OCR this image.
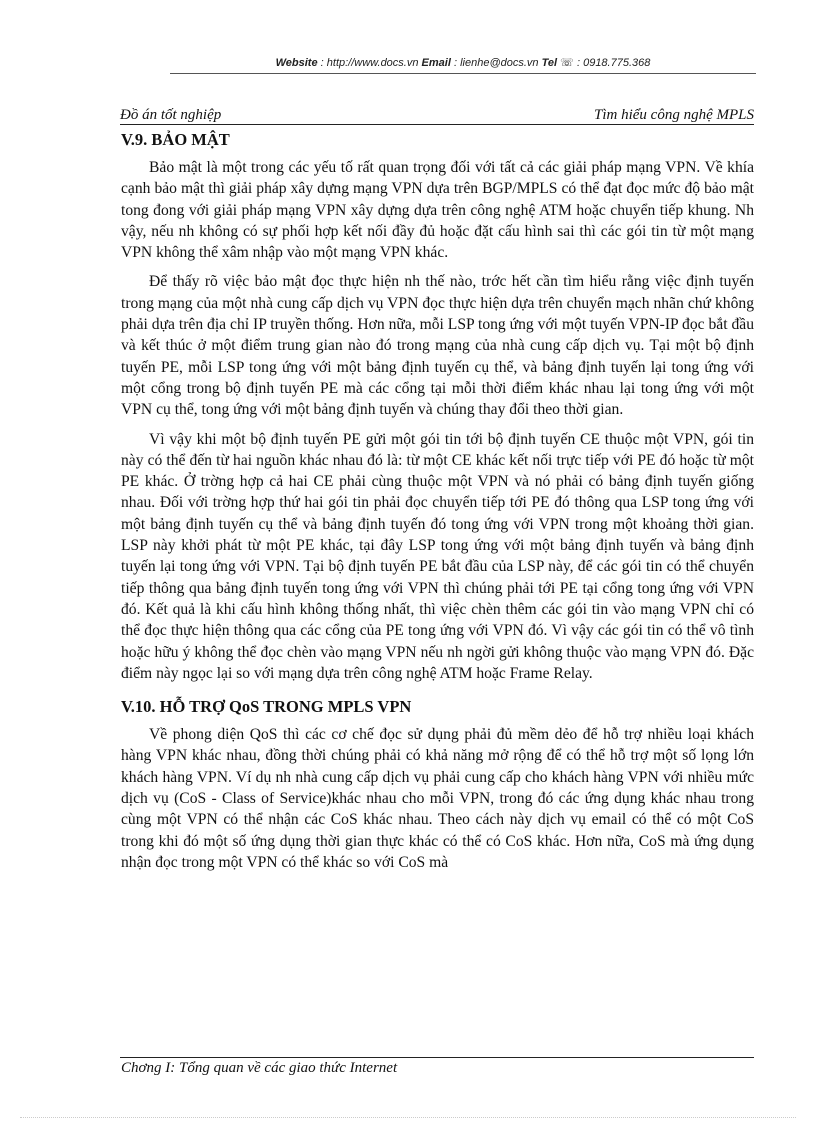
Website : http://www.docs.vn Email : lienhe@docs.vn Tel ☏ : 0918.775.368
Đồ án tốt nghiệp	Tìm hiểu công nghệ MPLS
V.9. BẢO MẬT

Bảo mật là một trong các yếu tố rất quan trọng đối với tất cả các giải pháp mạng VPN. Về khía cạnh bảo mật thì giải pháp xây dựng mạng VPN dựa trên BGP/MPLS có thể đạt đọc mức độ bảo mật tong đong với giải pháp mạng VPN xây dựng dựa trên công nghệ ATM hoặc chuyển tiếp khung. Nh vậy, nếu nh không có sự phối hợp kết nối đầy đủ hoặc đặt cấu hình sai thì các gói tin từ một mạng VPN không thể xâm nhập vào một mạng VPN khác.

Để thấy rõ việc bảo mật đọc thực hiện nh thế nào, trớc hết cần tìm hiểu rằng việc định tuyến trong mạng của một nhà cung cấp dịch vụ VPN đọc thực hiện dựa trên chuyển mạch nhãn chứ không phải dựa trên địa chỉ IP truyền thống. Hơn nữa, mỗi LSP tong ứng với một tuyến VPN-IP đọc bắt đầu và kết thúc ở một điểm trung gian nào đó trong mạng của nhà cung cấp dịch vụ. Tại một bộ định tuyến PE, mỗi LSP tong ứng với một bảng định tuyến cụ thể, và bảng định tuyến lại tong ứng với một cổng trong bộ định tuyến PE mà các cổng tại mỗi thời điểm khác nhau lại tong ứng với một VPN cụ thể, tong ứng với một bảng định tuyến và chúng thay đổi theo thời gian.

Vì vậy khi một bộ định tuyến PE gửi một gói tin tới bộ định tuyến CE thuộc một VPN, gói tin này có thể đến từ hai nguồn khác nhau đó là: từ một CE khác kết nối trực tiếp với PE đó hoặc từ một PE khác. Ở trờng hợp cả hai CE phải cùng thuộc một VPN và nó phải có bảng định tuyến giống nhau. Đối với trờng hợp thứ hai gói tin phải đọc chuyển tiếp tới PE đó thông qua LSP tong ứng với một bảng định tuyến cụ thể và bảng định tuyến đó tong ứng với VPN trong một khoảng thời gian. LSP này khởi phát từ một PE khác, tại đây LSP tong ứng với một bảng định tuyến và bảng định tuyến lại tong ứng với VPN. Tại bộ định tuyến PE bắt đầu của LSP này, để các gói tin có thể chuyển tiếp thông qua bảng định tuyến tong ứng với VPN thì chúng phải tới PE tại cổng tong ứng với VPN đó. Kết quả là khi cấu hình không thống nhất, thì việc chèn thêm các gói tin vào mạng VPN chỉ có thể đọc thực hiện thông qua các cổng của PE tong ứng với VPN đó. Vì vậy các gói tin có thể vô tình hoặc hữu ý không thể đọc chèn vào mạng VPN nếu nh ngời gửi không thuộc vào mạng VPN đó. Đặc điểm này ngọc lại so với mạng dựa trên công nghệ ATM hoặc Frame Relay.

V.10. HỖ TRỢ QoS TRONG MPLS VPN

Về phong diện QoS thì các cơ chế đọc sử dụng phải đủ mềm dẻo để hỗ trợ nhiều loại khách hàng VPN khác nhau, đồng thời chúng phải có khả năng mở rộng để có thể hỗ trợ một số lọng lớn khách hàng VPN. Ví dụ nh nhà cung cấp dịch vụ phải cung cấp cho khách hàng VPN với nhiều mức dịch vụ (CoS - Class of Service)khác nhau cho mỗi VPN, trong đó các ứng dụng khác nhau trong cùng một VPN có thể nhận các CoS khác nhau. Theo cách này dịch vụ email có thể có một CoS trong khi đó một số ứng dụng thời gian thực khác có thể có CoS khác. Hơn nữa, CoS mà ứng dụng nhận đọc trong một VPN có thể khác so với CoS mà

Chơng I: Tổng quan về các giao thức Internet
